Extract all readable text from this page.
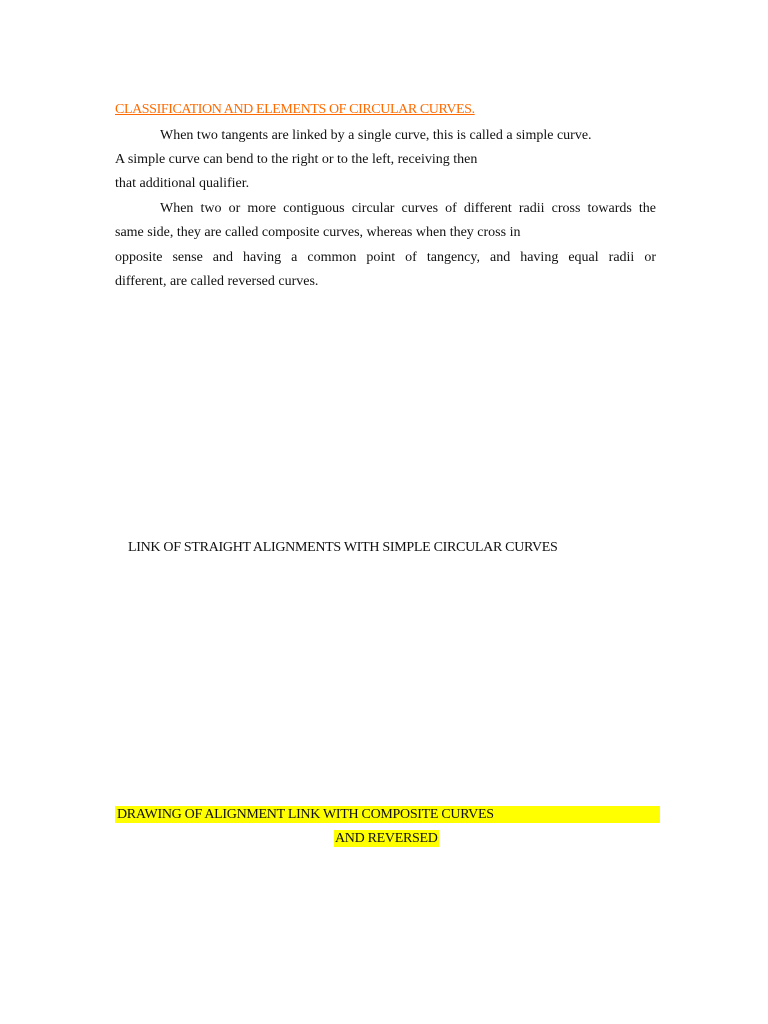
CLASSIFICATION AND ELEMENTS OF CIRCULAR CURVES.
When two tangents are linked by a single curve, this is called a simple curve.
A simple curve can bend to the right or to the left, receiving then
that additional qualifier.
When two or more contiguous circular curves of different radii cross towards the
same side, they are called composite curves, whereas when they cross in
opposite sense and having a common point of tangency, and having equal radii or
different, are called reversed curves.
LINK OF STRAIGHT ALIGNMENTS WITH SIMPLE CIRCULAR CURVES
DRAWING OF ALIGNMENT LINK WITH COMPOSITE CURVES
AND REVERSED
